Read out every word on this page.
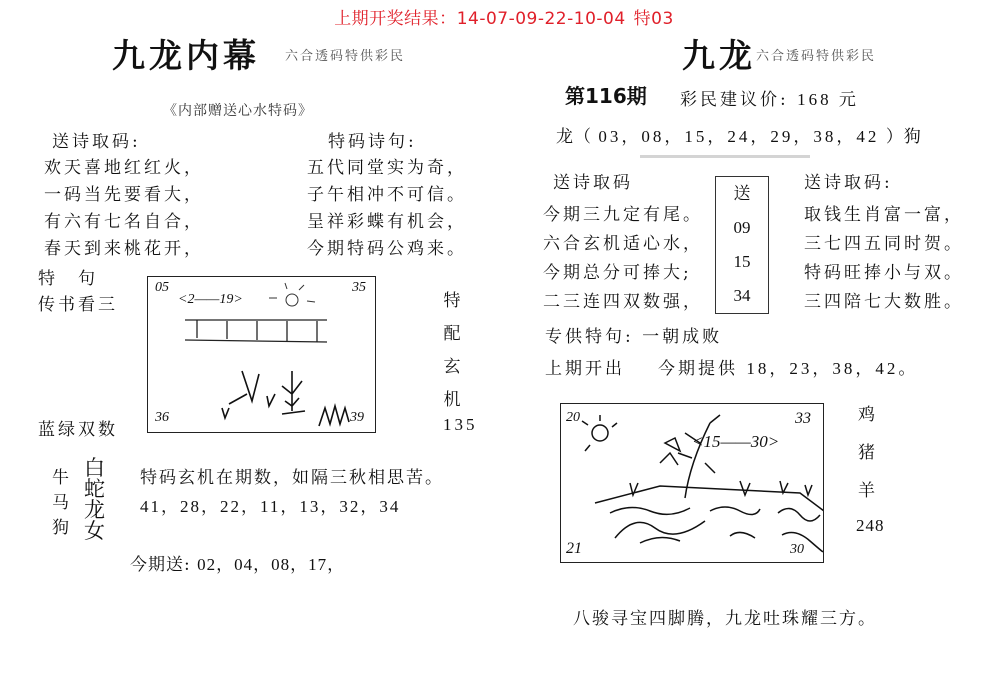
上期开奖结果：14-07-09-22-10-04 特03
九龙内幕 六合透码特供彩民
《内部赠送心水特码》
送诗取码:
欢天喜地红红火，
一码当先要看大，
有六有七名自合，
春天到来桃花开，
特码诗句:
五代同堂实为奇，
子午相冲不可信。
呈祥彩蝶有机会，
今期特码公鸡来。
特　句
传书看三
蓝绿双数
05	35
36	39
<2——19>	特
配
玄
机
135
牛
马
狗
白
蛇
龙
女
特码玄机在期数，如隔三秋相思苦。
41，28，22，11，13，32，34
今期送: 02，04，08，17，
九龙 六合透码特供彩民
第116期 彩民建议价: 168 元
龙（ 03，08，15，24，29，38，42 ）狗
送诗取码
今期三九定有尾。
六合玄机适心水，
今期总分可捧大;
二三连四双数强，
送
09
15
34
送诗取码:
取钱生肖富一富，
三七四五同时贺。
特码旺捧小与双。
三四陪七大数胜。
专供特句: 一朝成败
上期开出 今期提供 18，23，38，42。
20	33
21	30
<15——30>
鸡
猪
羊
248
八骏寻宝四脚腾，九龙吐珠耀三方。
